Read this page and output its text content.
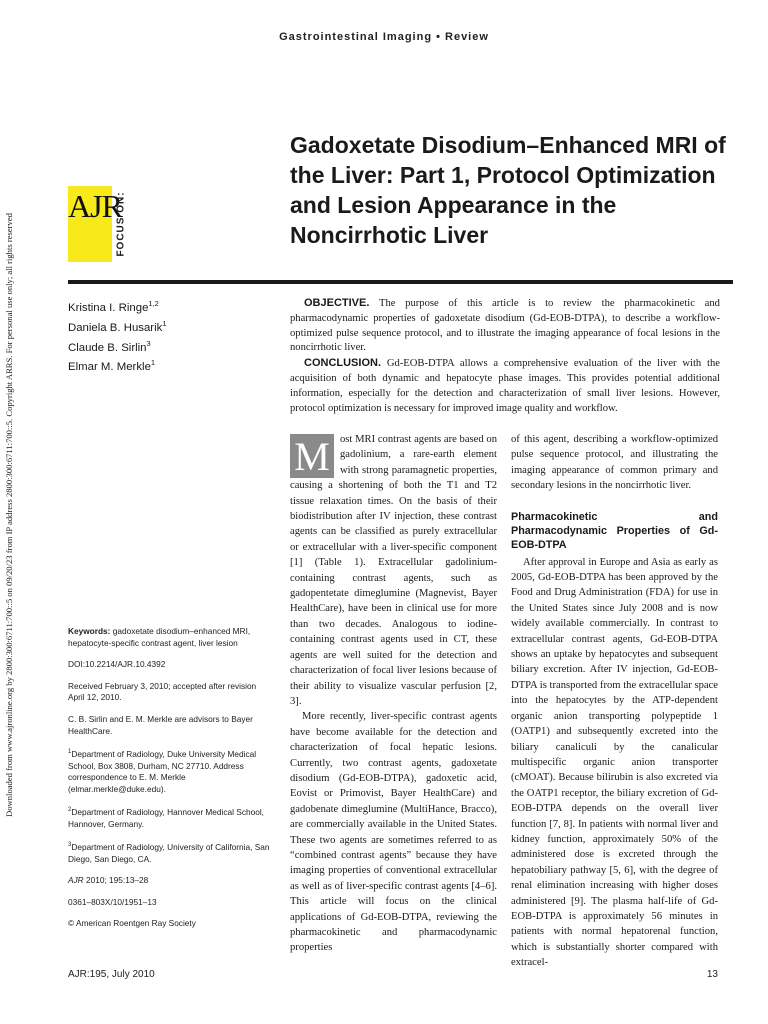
Gastrointestinal Imaging • Review
Downloaded from www.ajronline.org by 2800:300:6711:700::5 on 09/20/23 from IP address 2800:300:6711:700::5. Copyright ARRS. For personal use only; all rights reserved
AJR
FOCUS ON:
Gadoxetate Disodium–Enhanced MRI of the Liver: Part 1, Protocol Optimization and Lesion Appearance in the Noncirrhotic Liver
Kristina I. Ringe$^{1,2}$
Daniela B. Husarik$^1$
Claude B. Sirlin$^3$
Elmar M. Merkle$^1$

OBJECTIVE. The purpose of this article is to review the pharmacokinetic and pharmacodynamic properties of gadoxetate disodium (Gd-EOB-DTPA), to describe a workflow-optimized pulse sequence protocol, and to illustrate the imaging appearance of focal lesions in the noncirrhotic liver.

CONCLUSION. Gd-EOB-DTPA allows a comprehensive evaluation of the liver with the acquisition of both dynamic and hepatocyte phase images. This provides potential additional information, especially for the detection and characterization of small liver lesions. However, protocol optimization is necessary for improved image quality and workflow.

Keywords: gadoxetate disodium–enhanced MRI, hepatocyte-specific contrast agent, liver lesion

DOI:10.2214/AJR.10.4392

Received February 3, 2010; accepted after revision April 12, 2010.

C. B. Sirlin and E. M. Merkle are advisors to Bayer HealthCare.

$^1$Department of Radiology, Duke University Medical School, Box 3808, Durham, NC 27710. Address correspondence to E. M. Merkle (elmar.merkle@duke.edu).

$^2$Department of Radiology, Hannover Medical School, Hannover, Germany.

$^3$Department of Radiology, University of California, San Diego, San Diego, CA.

AJR 2010; 195:13–28

0361–803X/10/1951–13

© American Roentgen Ray Society

M ost MRI contrast agents are based on gadolinium, a rare-earth element with strong paramagnetic properties, causing a shortening of both the T1 and T2 tissue relaxation times. On the basis of their biodistribution after IV injection, these contrast agents can be classified as purely extracellular or extracellular with a liver-specific component [1] (Table 1). Extracellular gadolinium-containing contrast agents, such as gadopentetate dimeglumine (Magnevist, Bayer HealthCare), have been in clinical use for more than two decades. Analogous to iodine-containing contrast agents used in CT, these agents are well suited for the detection and characterization of focal liver lesions because of their ability to visualize vascular perfusion [2, 3].

More recently, liver-specific contrast agents have become available for the detection and characterization of focal hepatic lesions. Currently, two contrast agents, gadoxetate disodium (Gd-EOB-DTPA), gadoxetic acid, Eovist or Primovist, Bayer HealthCare) and gadobenate dimeglumine (MultiHance, Bracco), are commercially available in the United States. These two agents are sometimes referred to as “combined contrast agents” because they have imaging properties of conventional extracellular as well as of liver-specific contrast agents [4–6]. This article will focus on the clinical applications of Gd-EOB-DTPA, reviewing the pharmacokinetic and pharmacodynamic properties

of this agent, describing a workflow-optimized pulse sequence protocol, and illustrating the imaging appearance of common primary and secondary lesions in the noncirrhotic liver.

Pharmacokinetic and Pharmacodynamic Properties of Gd-EOB-DTPA

After approval in Europe and Asia as early as 2005, Gd-EOB-DTPA has been approved by the Food and Drug Administration (FDA) for use in the United States since July 2008 and is now widely available commercially. In contrast to extracellular contrast agents, Gd-EOB-DTPA shows an uptake by hepatocytes and subsequent biliary excretion. After IV injection, Gd-EOB-DTPA is transported from the extracellular space into the hepatocytes by the ATP-dependent organic anion transporting polypeptide 1 (OATP1) and subsequently excreted into the biliary canaliculi by the canalicular multispecific organic anion transporter (cMOAT). Because bilirubin is also excreted via the OATP1 receptor, the biliary excretion of Gd-EOB-DTPA depends on the overall liver function [7, 8]. In patients with normal liver and kidney function, approximately 50% of the administered dose is excreted through the hepatobiliary pathway [5, 6], with the degree of renal elimination increasing with higher doses administered [9]. The plasma half-life of Gd-EOB-DTPA is approximately 56 minutes in patients with normal hepatorenal function, which is substantially shorter compared with extracel-

AJR:195, July 2010	13
